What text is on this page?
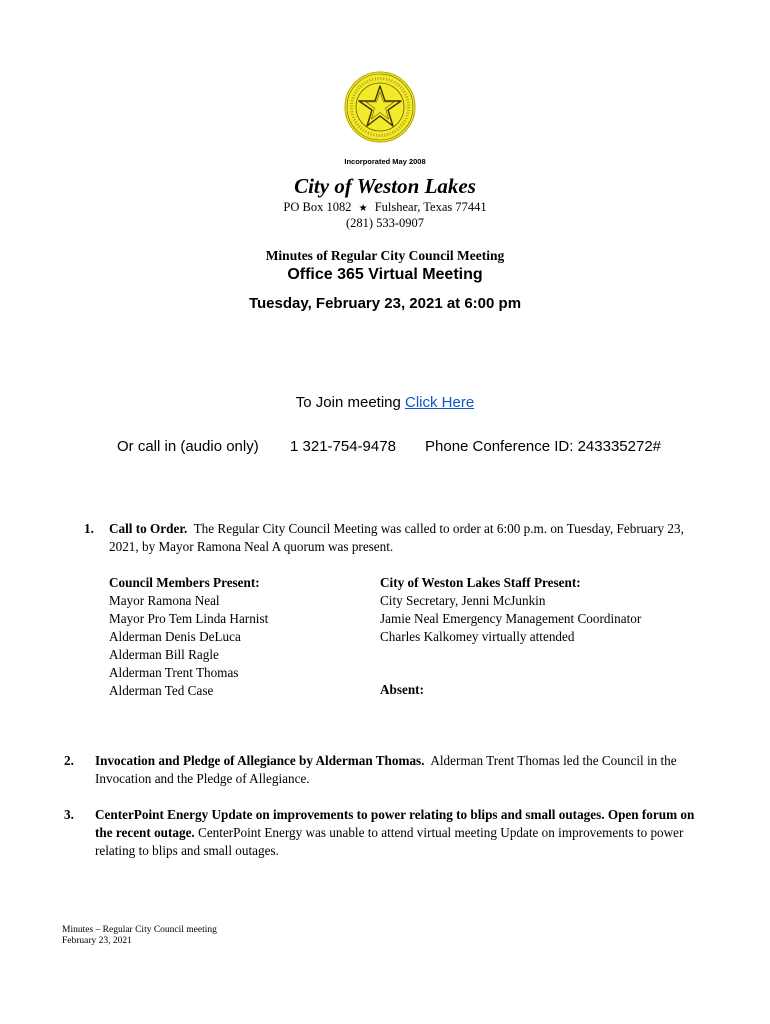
Incorporated May 2008
City of Weston Lakes
PO Box 1082 ★ Fulshear, Texas 77441
(281) 533-0907
Minutes of Regular City Council Meeting
Office 365 Virtual Meeting
Tuesday, February 23, 2021 at 6:00 pm
To Join meeting Click Here
Or call in (audio only) 1 321-754-9478 Phone Conference ID: 243335272#
1. Call to Order. The Regular City Council Meeting was called to order at 6:00 p.m. on Tuesday, February 23, 2021, by Mayor Ramona Neal A quorum was present.
Council Members Present:
Mayor Ramona Neal
Mayor Pro Tem Linda Harnist
Alderman Denis DeLuca
Alderman Bill Ragle
Alderman Trent Thomas
Alderman Ted Case
City of Weston Lakes Staff Present:
City Secretary, Jenni McJunkin
Jamie Neal Emergency Management Coordinator
Charles Kalkomey virtually attended
Absent:
2. Invocation and Pledge of Allegiance by Alderman Thomas. Alderman Trent Thomas led the Council in the Invocation and the Pledge of Allegiance.
3. CenterPoint Energy Update on improvements to power relating to blips and small outages. Open forum on the recent outage. CenterPoint Energy was unable to attend virtual meeting Update on improvements to power relating to blips and small outages.
Minutes – Regular City Council meeting
February 23, 2021
